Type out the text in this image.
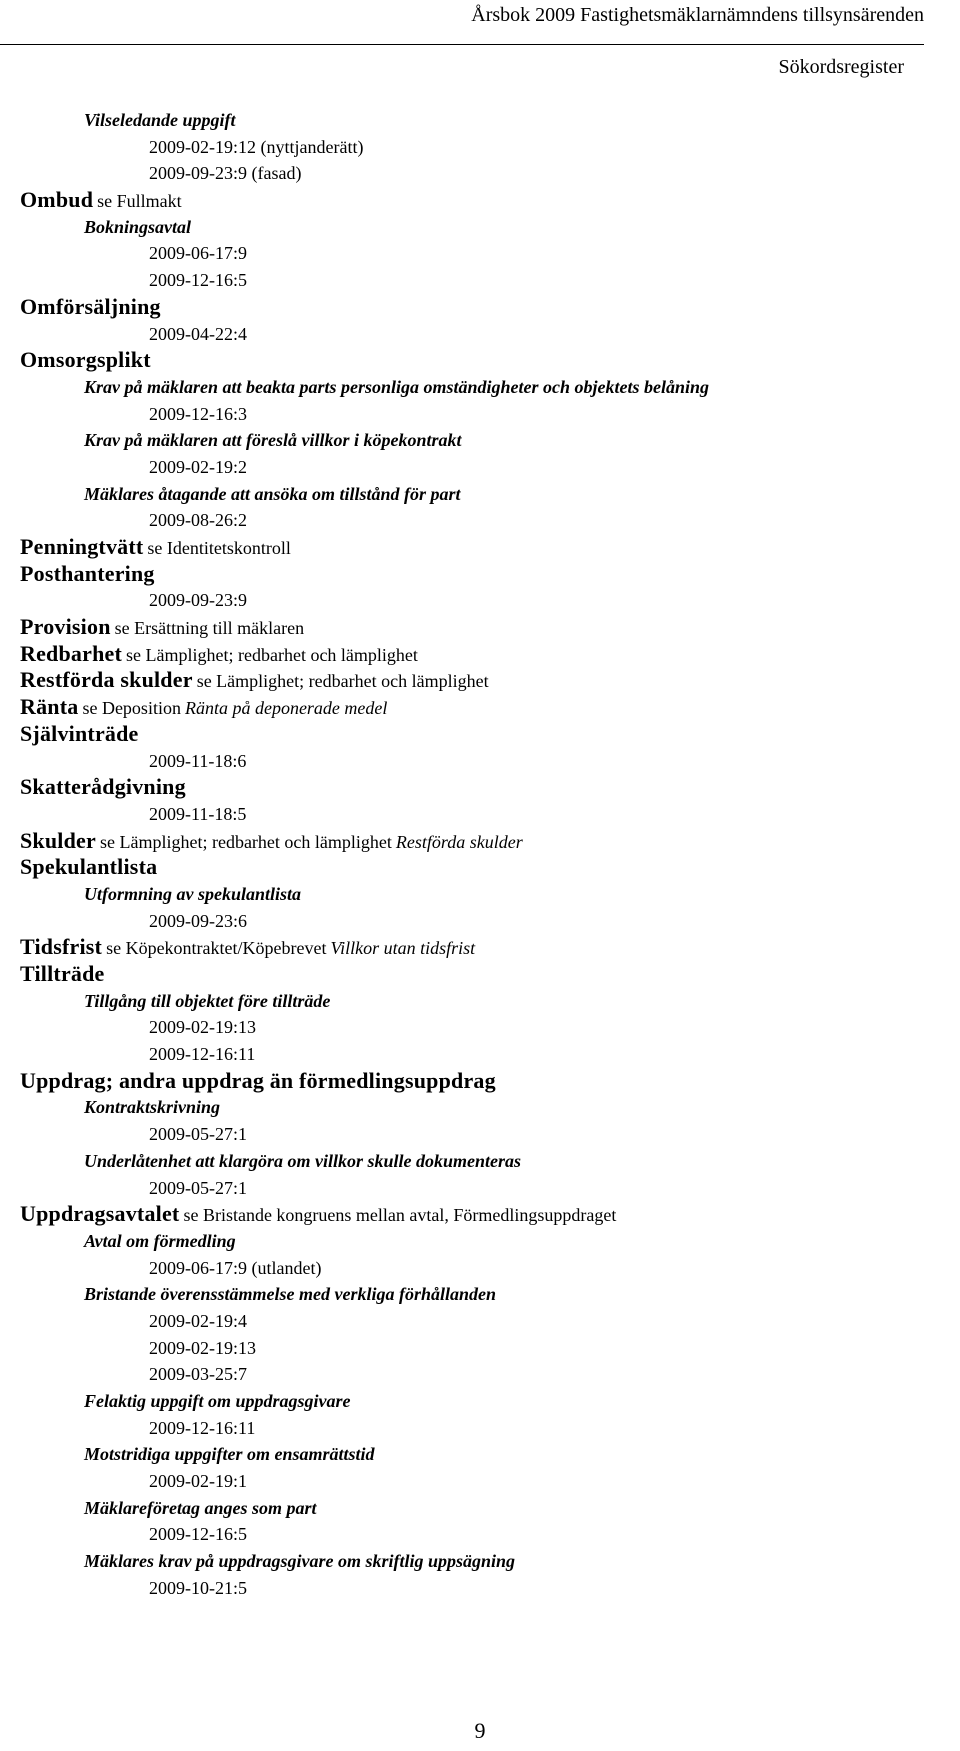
Årsbok 2009 Fastighetsmäklarnämndens tillsynsärenden
Sökordsregister
Vilseledande uppgift
2009-02-19:12 (nyttjanderätt)
2009-09-23:9 (fasad)
Ombud se Fullmakt
Bokningsavtal
2009-06-17:9
2009-12-16:5
Omförsäljning
2009-04-22:4
Omsorgsplikt
Krav på mäklaren att beakta parts personliga omständigheter och objektets belåning
2009-12-16:3
Krav på mäklaren att föreslå villkor i köpekontrakt
2009-02-19:2
Mäklares åtagande att ansöka om tillstånd för part
2009-08-26:2
Penningtvätt se Identitetskontroll
Posthantering
2009-09-23:9
Provision se Ersättning till mäklaren
Redbarhet se Lämplighet; redbarhet och lämplighet
Restförda skulder se Lämplighet; redbarhet och lämplighet
Ränta se Deposition Ränta på deponerade medel
Självinträde
2009-11-18:6
Skatterådgivning
2009-11-18:5
Skulder se Lämplighet; redbarhet och lämplighet Restförda skulder
Spekulantlista
Utformning av spekulantlista
2009-09-23:6
Tidsfrist se Köpekontraktet/Köpebrevet Villkor utan tidsfrist
Tillträde
Tillgång till objektet före tillträde
2009-02-19:13
2009-12-16:11
Uppdrag; andra uppdrag än förmedlingsuppdrag
Kontraktskrivning
2009-05-27:1
Underlåtenhet att klargöra om villkor skulle dokumenteras
2009-05-27:1
Uppdragsavtalet se Bristande kongruens mellan avtal, Förmedlingsuppdraget
Avtal om förmedling
2009-06-17:9 (utlandet)
Bristande överensstämmelse med verkliga förhållanden
2009-02-19:4
2009-02-19:13
2009-03-25:7
Felaktig uppgift om uppdragsgivare
2009-12-16:11
Motstridiga uppgifter om ensamrättstid
2009-02-19:1
Mäklareföretag anges som part
2009-12-16:5
Mäklares krav på uppdragsgivare om skriftlig uppsägning
2009-10-21:5
9
